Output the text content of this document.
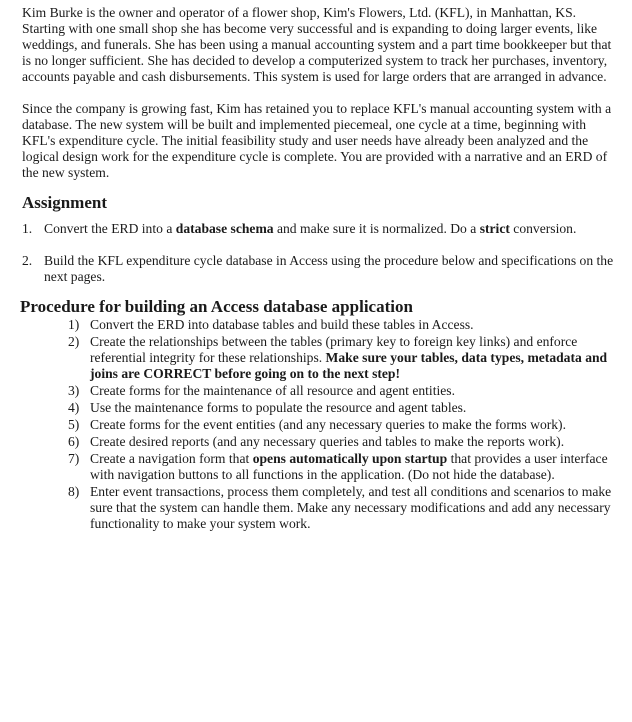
Kim Burke is the owner and operator of a flower shop, Kim's Flowers, Ltd. (KFL), in Manhattan, KS. Starting with one small shop she has become very successful and is expanding to doing larger events, like weddings, and funerals. She has been using a manual accounting system and a part time bookkeeper but that is no longer sufficient. She has decided to develop a computerized system to track her purchases, inventory, accounts payable and cash disbursements. This system is used for large orders that are arranged in advance.

Since the company is growing fast, Kim has retained you to replace KFL's manual accounting system with a database. The new system will be built and implemented piecemeal, one cycle at a time, beginning with KFL's expenditure cycle. The initial feasibility study and user needs have already been analyzed and the logical design work for the expenditure cycle is complete. You are provided with a narrative and an ERD of the new system.

Assignment
1. Convert the ERD into a database schema and make sure it is normalized. Do a strict conversion.
2. Build the KFL expenditure cycle database in Access using the procedure below and specifications on the next pages.
Procedure for building an Access database application
1) Convert the ERD into database tables and build these tables in Access.
2) Create the relationships between the tables (primary key to foreign key links) and enforce referential integrity for these relationships. Make sure your tables, data types, metadata and joins are CORRECT before going on to the next step!
3) Create forms for the maintenance of all resource and agent entities.
4) Use the maintenance forms to populate the resource and agent tables.
5) Create forms for the event entities (and any necessary queries to make the forms work).
6) Create desired reports (and any necessary queries and tables to make the reports work).
7) Create a navigation form that opens automatically upon startup that provides a user interface with navigation buttons to all functions in the application. (Do not hide the database).
8) Enter event transactions, process them completely, and test all conditions and scenarios to make sure that the system can handle them. Make any necessary modifications and add any necessary functionality to make your system work.
